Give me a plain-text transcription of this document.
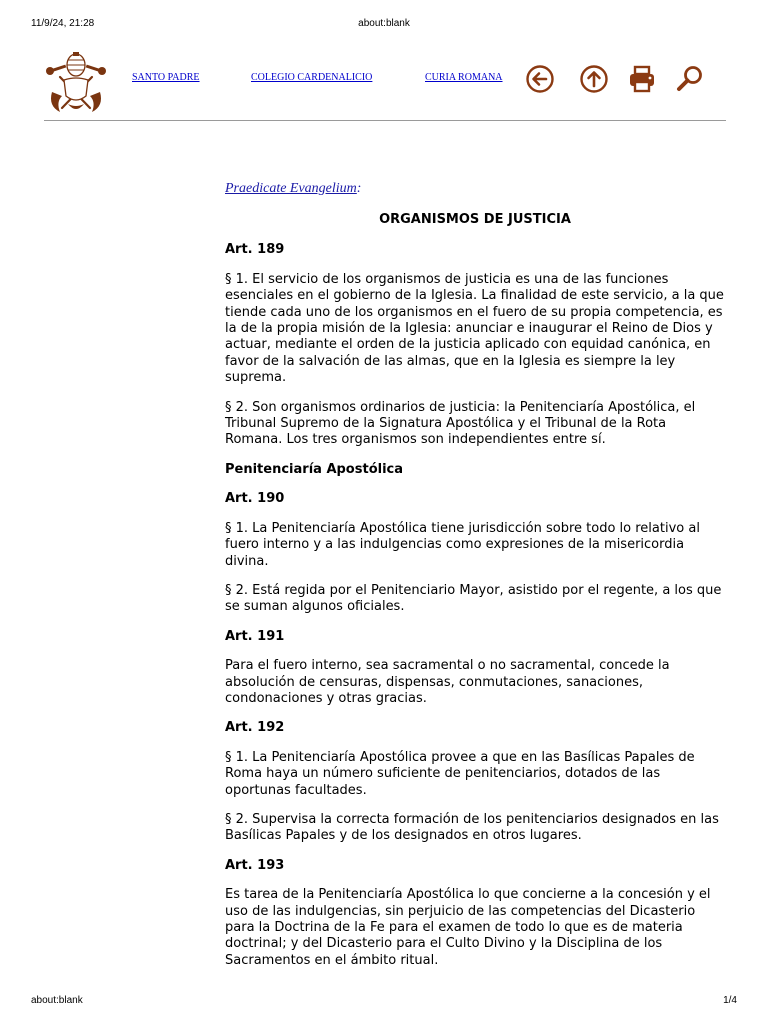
11/9/24, 21:28	about:blank
SANTO PADRE	COLEGIO CARDENALICIO	CURIA ROMANA

Praedicate Evangelium:

ORGANISMOS DE JUSTICIA

Art. 189

§ 1. El servicio de los organismos de justicia es una de las funciones esenciales en el gobierno de la Iglesia. La finalidad de este servicio, a la que tiende cada uno de los organismos en el fuero de su propia competencia, es la de la propia misión de la Iglesia: anunciar e inaugurar el Reino de Dios y actuar, mediante el orden de la justicia aplicado con equidad canónica, en favor de la salvación de las almas, que en la Iglesia es siempre la ley suprema.

§ 2. Son organismos ordinarios de justicia: la Penitenciaría Apostólica, el Tribunal Supremo de la Signatura Apostólica y el Tribunal de la Rota Romana. Los tres organismos son independientes entre sí.

Penitenciaría Apostólica

Art. 190

§ 1. La Penitenciaría Apostólica tiene jurisdicción sobre todo lo relativo al fuero interno y a las indulgencias como expresiones de la misericordia divina.

§ 2. Está regida por el Penitenciario Mayor, asistido por el regente, a los que se suman algunos oficiales.

Art. 191

Para el fuero interno, sea sacramental o no sacramental, concede la absolución de censuras, dispensas, conmutaciones, sanaciones, condonaciones y otras gracias.

Art. 192

§ 1. La Penitenciaría Apostólica provee a que en las Basílicas Papales de Roma haya un número suficiente de penitenciarios, dotados de las oportunas facultades.

§ 2. Supervisa la correcta formación de los penitenciarios designados en las Basílicas Papales y de los designados en otros lugares.

Art. 193

Es tarea de la Penitenciaría Apostólica lo que concierne a la concesión y el uso de las indulgencias, sin perjuicio de las competencias del Dicasterio para la Doctrina de la Fe para el examen de todo lo que es de materia doctrinal; y del Dicasterio para el Culto Divino y la Disciplina de los Sacramentos en el ámbito ritual.

about:blank	1/4
